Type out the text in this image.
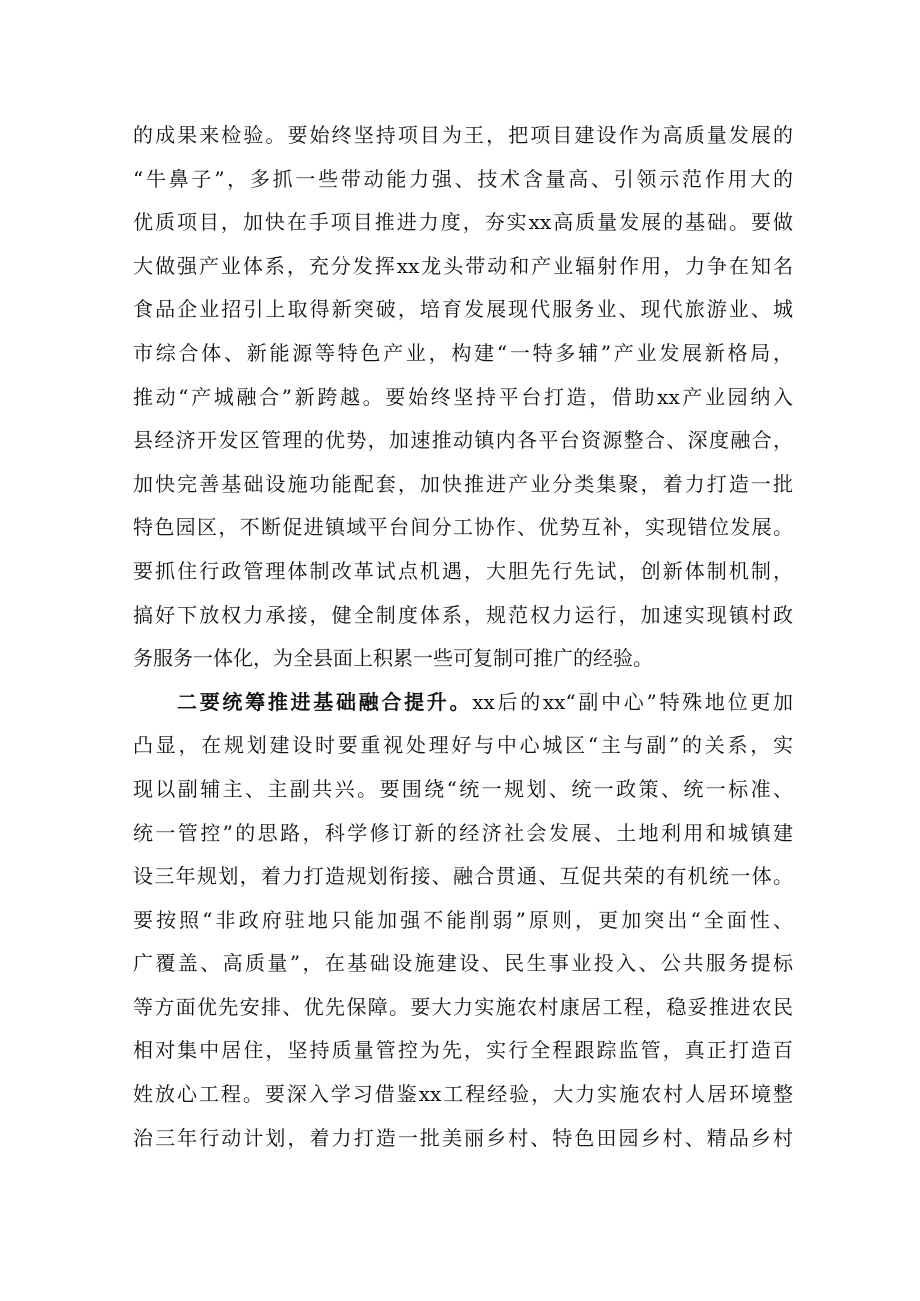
的成果来检验。要始终坚持项目为王，把项目建设作为高质量发展的
“牛鼻子”，多抓一些带动能力强、技术含量高、引领示范作用大的
优质项目，加快在手项目推进力度，夯实xx高质量发展的基础。要做
大做强产业体系，充分发挥xx龙头带动和产业辐射作用，力争在知名
食品企业招引上取得新突破，培育发展现代服务业、现代旅游业、城
市综合体、新能源等特色产业，构建“一特多辅”产业发展新格局，
推动“产城融合”新跨越。要始终坚持平台打造，借助xx产业园纳入
县经济开发区管理的优势，加速推动镇内各平台资源整合、深度融合，
加快完善基础设施功能配套，加快推进产业分类集聚，着力打造一批
特色园区，不断促进镇域平台间分工协作、优势互补，实现错位发展。
要抓住行政管理体制改革试点机遇，大胆先行先试，创新体制机制，
搞好下放权力承接，健全制度体系，规范权力运行，加速实现镇村政
务服务一体化，为全县面上积累一些可复制可推广的经验。
二要统筹推进基础融合提升。xx后的xx“副中心”特殊地位更加
凸显，在规划建设时要重视处理好与中心城区“主与副”的关系，实
现以副辅主、主副共兴。要围绕“统一规划、统一政策、统一标准、
统一管控”的思路，科学修订新的经济社会发展、土地利用和城镇建
设三年规划，着力打造规划衔接、融合贯通、互促共荣的有机统一体。
要按照“非政府驻地只能加强不能削弱”原则，更加突出“全面性、
广覆盖、高质量”，在基础设施建设、民生事业投入、公共服务提标
等方面优先安排、优先保障。要大力实施农村康居工程，稳妥推进农民
相对集中居住，坚持质量管控为先，实行全程跟踪监管，真正打造百
姓放心工程。要深入学习借鉴xx工程经验，大力实施农村人居环境整
治三年行动计划，着力打造一批美丽乡村、特色田园乡村、精品乡村
